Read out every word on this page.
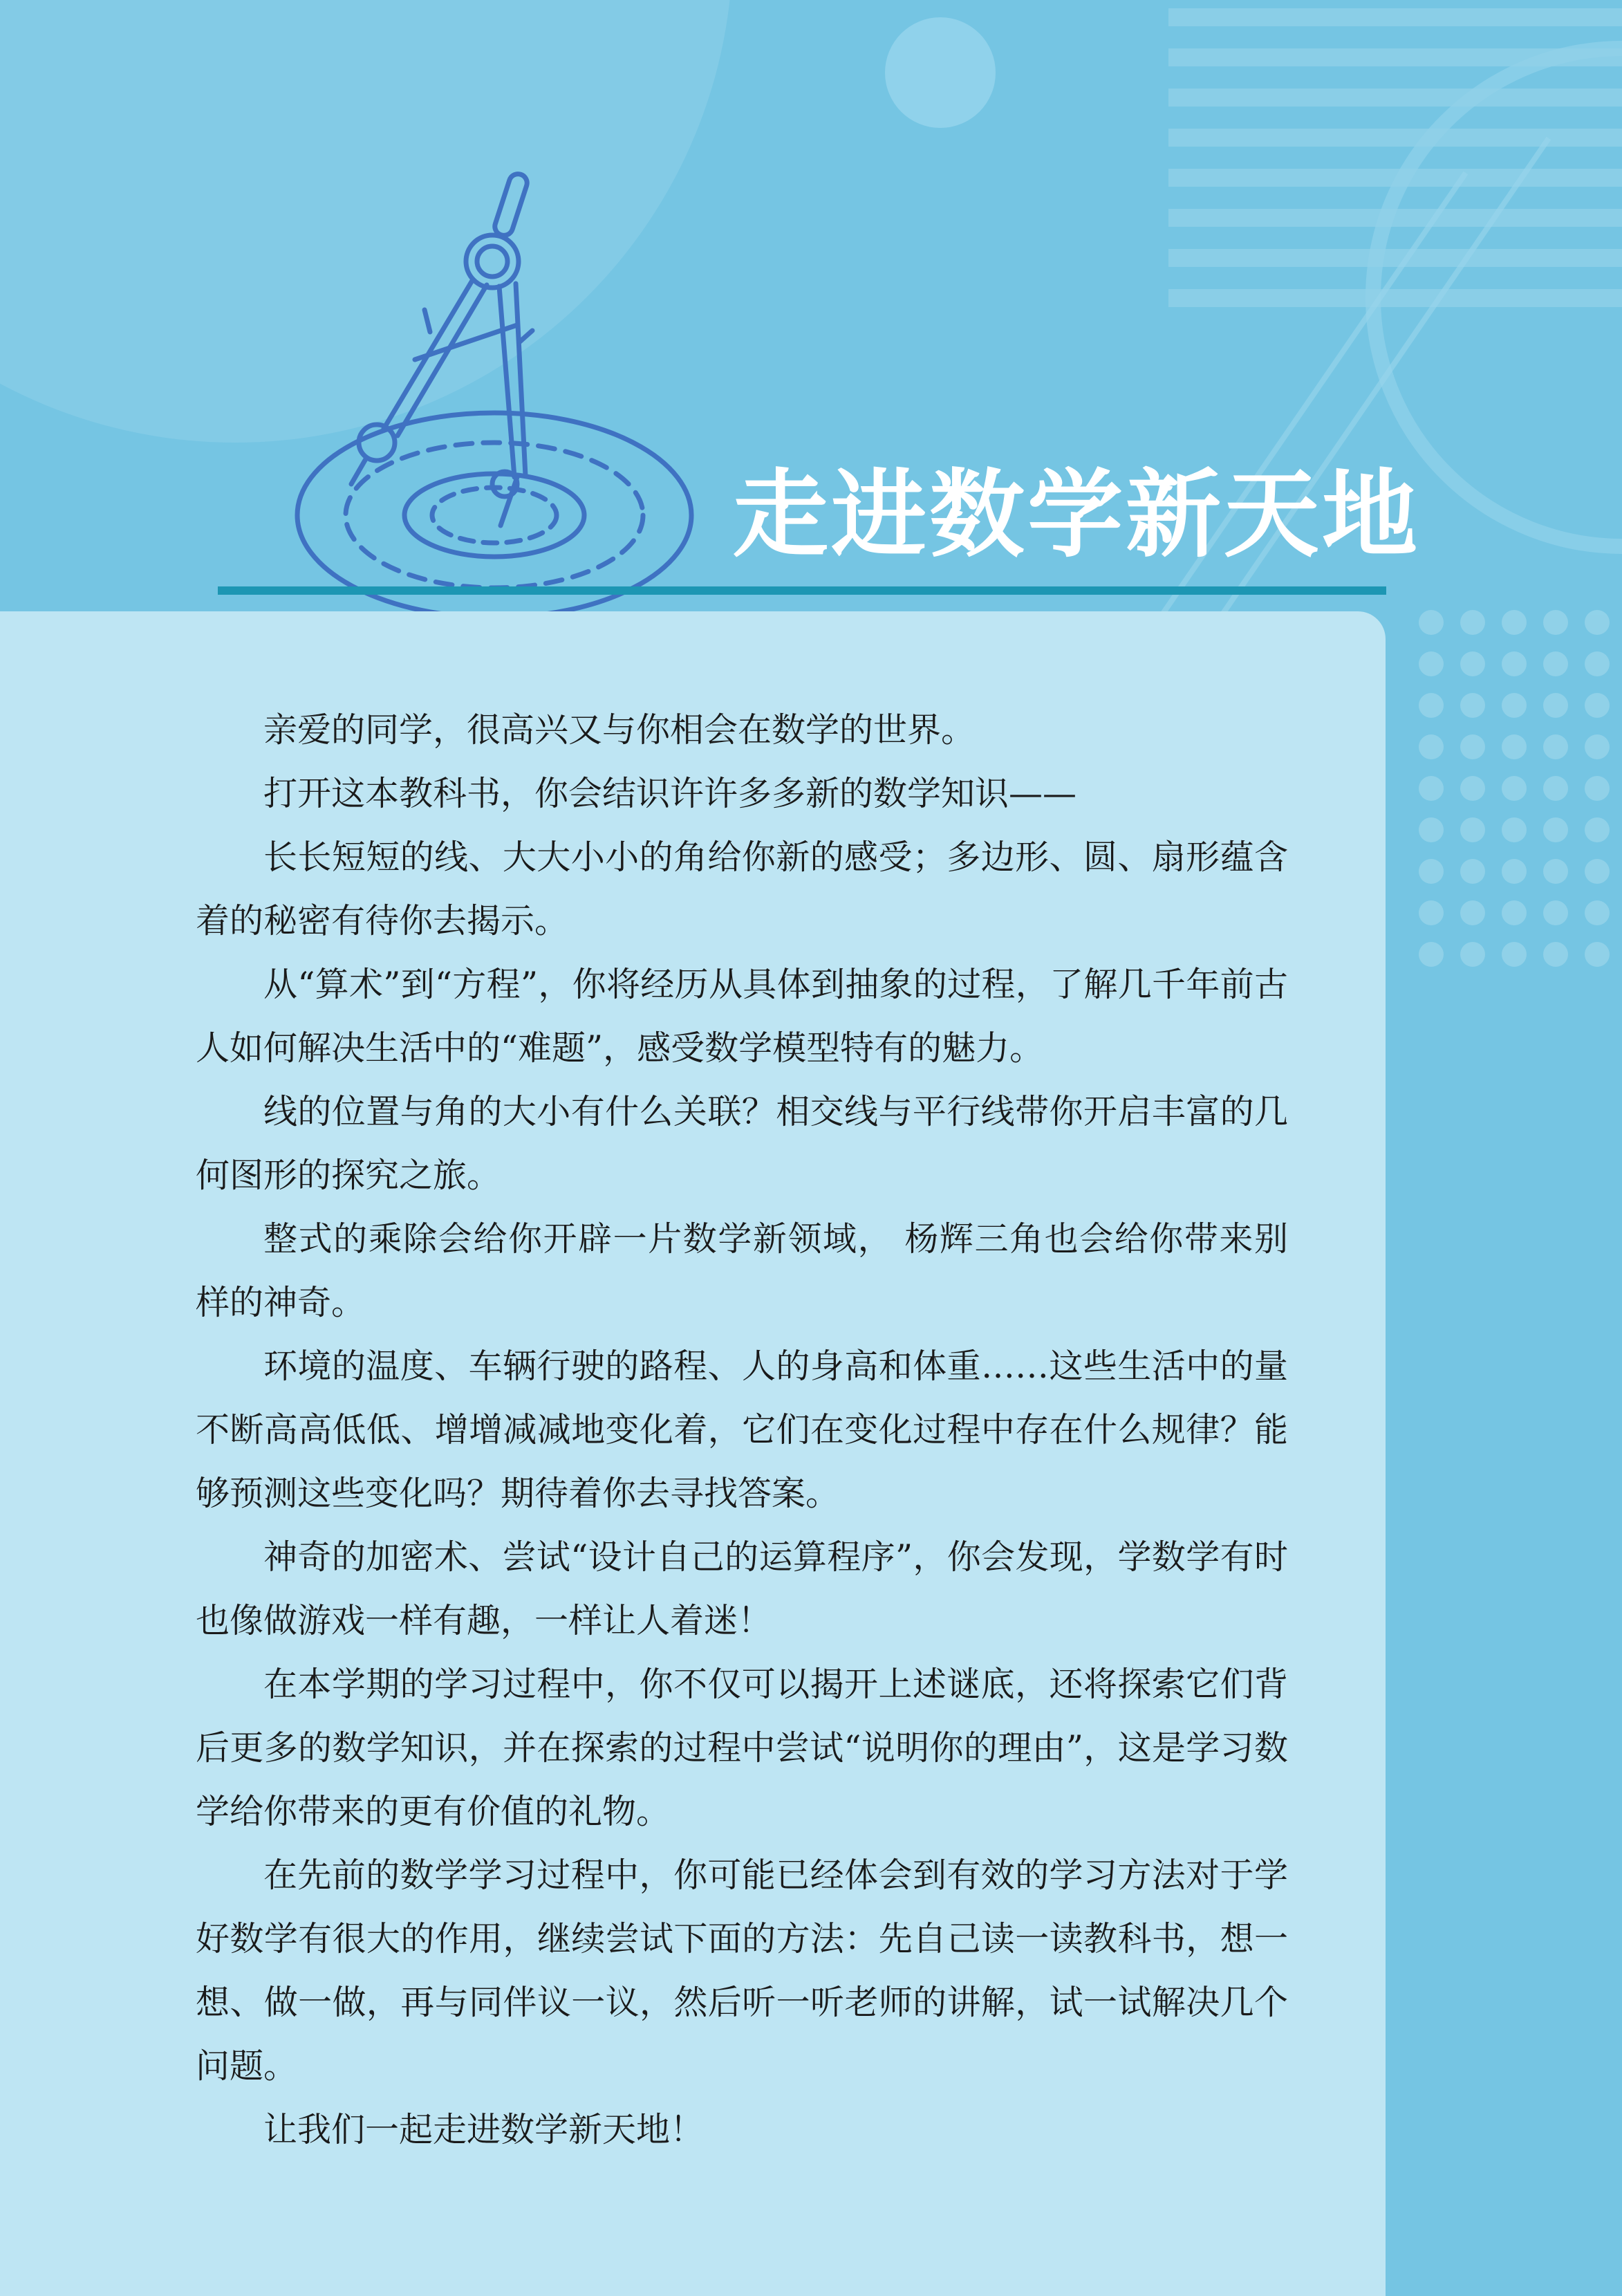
走进数学新天地

亲爱的同学，很高兴又与你相会在数学的世界。

打开这本教科书，你会结识许许多多新的数学知识——

长长短短的线、大大小小的角给你新的感受；多边形、圆、扇形蕴含着的秘密有待你去揭示。

从“算术”到“方程”，你将经历从具体到抽象的过程，了解几千年前古人如何解决生活中的“难题”，感受数学模型特有的魅力。

线的位置与角的大小有什么关联？相交线与平行线带你开启丰富的几何图形的探究之旅。

整式的乘除会给你开辟一片数学新领域， 杨辉三角也会给你带来别样的神奇。

环境的温度、车辆行驶的路程、人的身高和体重……这些生活中的量不断高高低低、增增减减地变化着，它们在变化过程中存在什么规律？能够预测这些变化吗？期待着你去寻找答案。

神奇的加密术、尝试“设计自己的运算程序”，你会发现，学数学有时也像做游戏一样有趣，一样让人着迷！

在本学期的学习过程中，你不仅可以揭开上述谜底，还将探索它们背后更多的数学知识，并在探索的过程中尝试“说明你的理由”，这是学习数学给你带来的更有价值的礼物。

在先前的数学学习过程中，你可能已经体会到有效的学习方法对于学好数学有很大的作用，继续尝试下面的方法：先自己读一读教科书，想一想、做一做，再与同伴议一议，然后听一听老师的讲解，试一试解决几个问题。

让我们一起走进数学新天地！
